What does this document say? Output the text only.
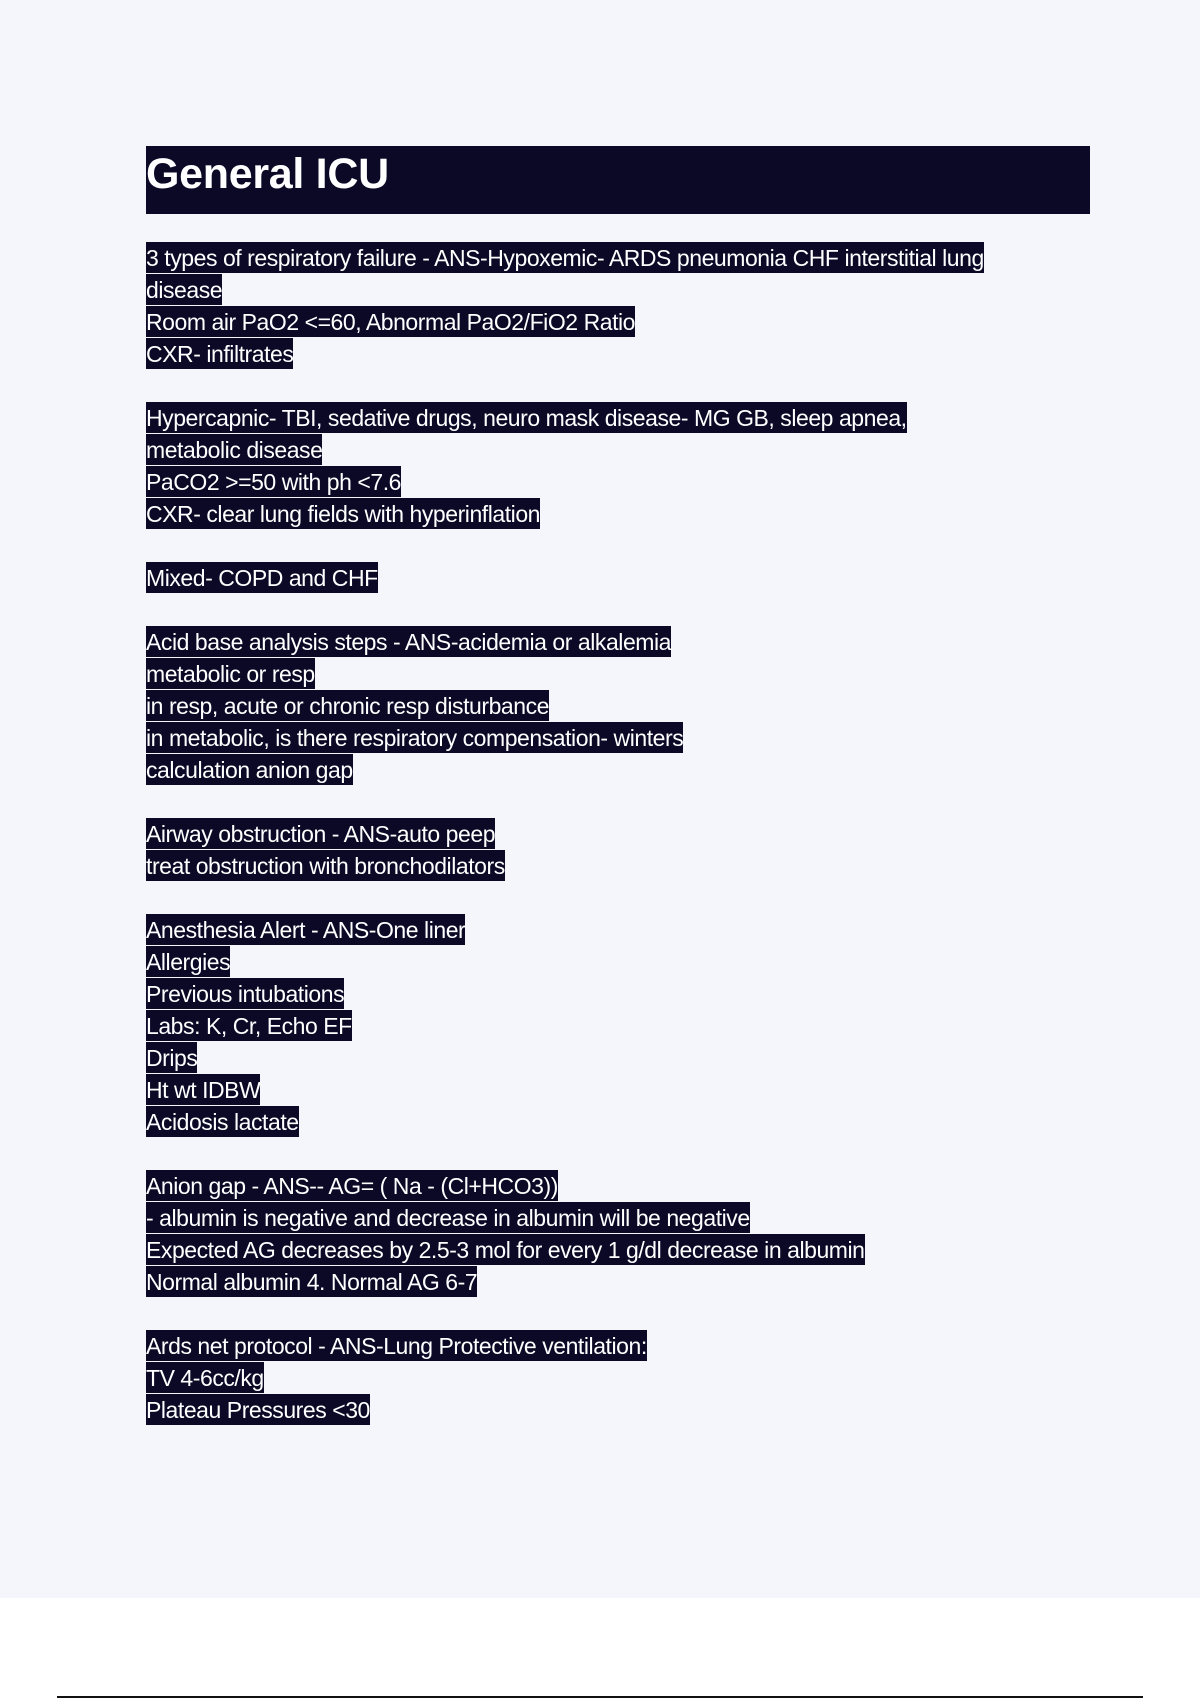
General ICU
3 types of respiratory failure - ANS-Hypoxemic- ARDS pneumonia CHF interstitial lung
disease
Room air PaO2 <=60, Abnormal PaO2/FiO2 Ratio
CXR- infiltrates
Hypercapnic- TBI, sedative drugs, neuro mask disease- MG GB, sleep apnea,
metabolic disease
PaCO2 >=50 with ph <7.6
CXR- clear lung fields with hyperinflation
Mixed- COPD and CHF
Acid base analysis steps - ANS-acidemia or alkalemia
metabolic or resp
in resp, acute or chronic resp disturbance
in metabolic, is there respiratory compensation- winters
calculation anion gap
Airway obstruction - ANS-auto peep
treat obstruction with bronchodilators
Anesthesia Alert - ANS-One liner
Allergies
Previous intubations
Labs: K, Cr, Echo EF
Drips
Ht wt IDBW
Acidosis lactate
Anion gap - ANS-- AG= ( Na - (Cl+HCO3))
- albumin is negative and decrease in albumin will be negative
Expected AG decreases by 2.5-3 mol for every 1 g/dl decrease in albumin
Normal albumin 4. Normal AG 6-7
Ards net protocol - ANS-Lung Protective ventilation:
TV 4-6cc/kg
Plateau Pressures <30
